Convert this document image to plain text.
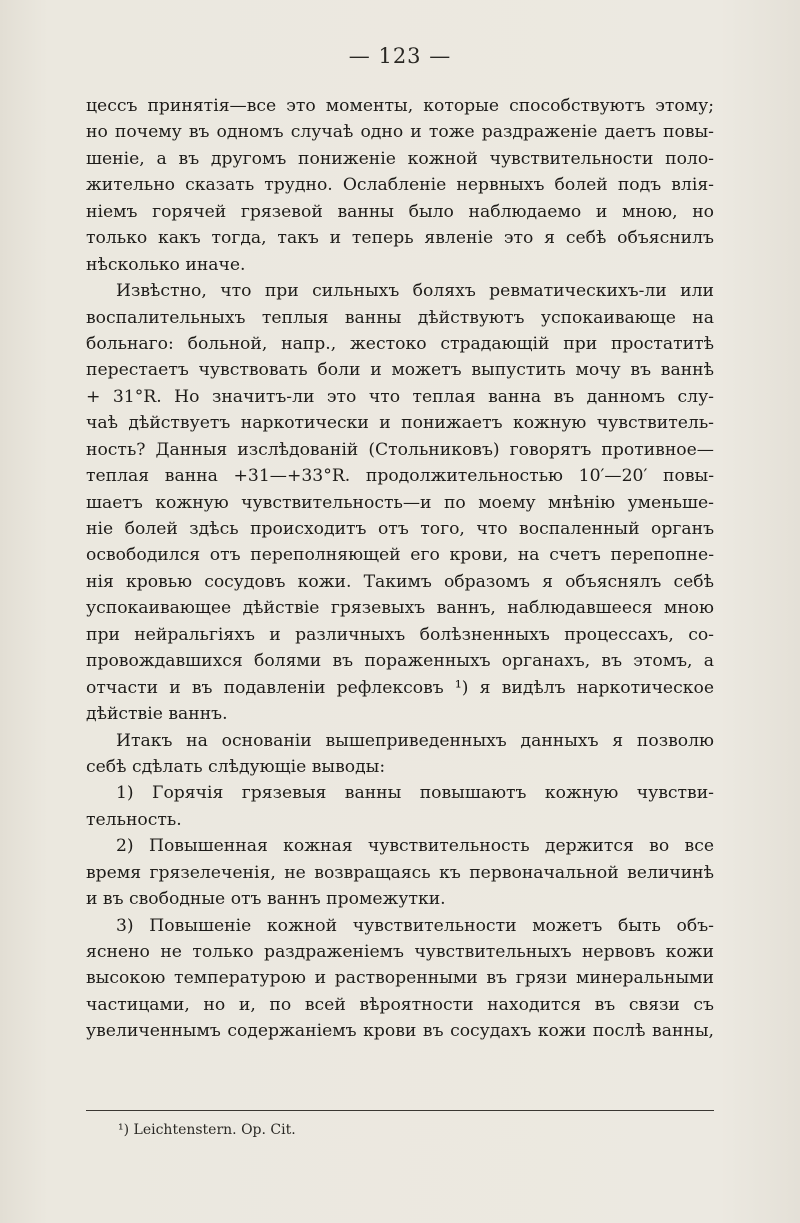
— 123 —
цессъ принятія—все это моменты, которые способствуютъ этому;
но почему въ одномъ случаѣ одно и тоже раздраженіе даетъ повы-
шеніе, а въ другомъ пониженіе кожной чувствительности поло-
жительно сказать трудно. Ослабленіе нервныхъ болей подъ влія-
ніемъ горячей грязевой ванны было наблюдаемо и мною, но
только какъ тогда, такъ и теперь явленіе это я себѣ объяснилъ
нѣсколько иначе.
Извѣстно, что при сильныхъ боляхъ ревматическихъ-ли или
воспалительныхъ теплыя ванны дѣйствуютъ успокаивающе на
больнаго: больной, напр., жестоко страдающій при простатитѣ
перестаетъ чувствовать боли и можетъ выпустить мочу въ ваннѣ
+ 31°R. Но значитъ-ли это что теплая ванна въ данномъ слу-
чаѣ дѣйствуетъ наркотически и понижаетъ кожную чувствитель-
ность? Данныя изслѣдованій (Стольниковъ) говорятъ противное—
теплая ванна +31—+33°R. продолжительностью 10′—20′ повы-
шаетъ кожную чувствительность—и по моему мнѣнію уменьше-
ніе болей здѣсь происходитъ отъ того, что воспаленный органъ
освободился отъ переполняющей его крови, на счетъ перепопне-
нія кровью сосудовъ кожи. Такимъ образомъ я объяснялъ себѣ
успокаивающее дѣйствіе грязевыхъ ваннъ, наблюдавшееся мною
при нейральгіяхъ и различныхъ болѣзненныхъ процессахъ, со-
провождавшихся болями въ пораженныхъ органахъ, въ этомъ, а
отчасти и въ подавленіи рефлексовъ ¹) я видѣлъ наркотическое
дѣйствіе ваннъ.
Итакъ на основаніи вышеприведенныхъ данныхъ я позволю
себѣ сдѣлать слѣдующіе выводы:
1) Горячія грязевыя ванны повышаютъ кожную чувстви-
тельность.
2) Повышенная кожная чувствительность держится во все
время грязелеченія, не возвращаясь къ первоначальной величинѣ
и въ свободные отъ ваннъ промежутки.
3) Повышеніе кожной чувствительности можетъ быть объ-
яснено не только раздраженіемъ чувствительныхъ нервовъ кожи
высокою температурою и растворенными въ грязи минеральными
частицами, но и, по всей вѣроятности находится въ связи съ
увеличеннымъ содержаніемъ крови въ сосудахъ кожи послѣ ванны,
¹) Leichtenstern. Op. Cit.
